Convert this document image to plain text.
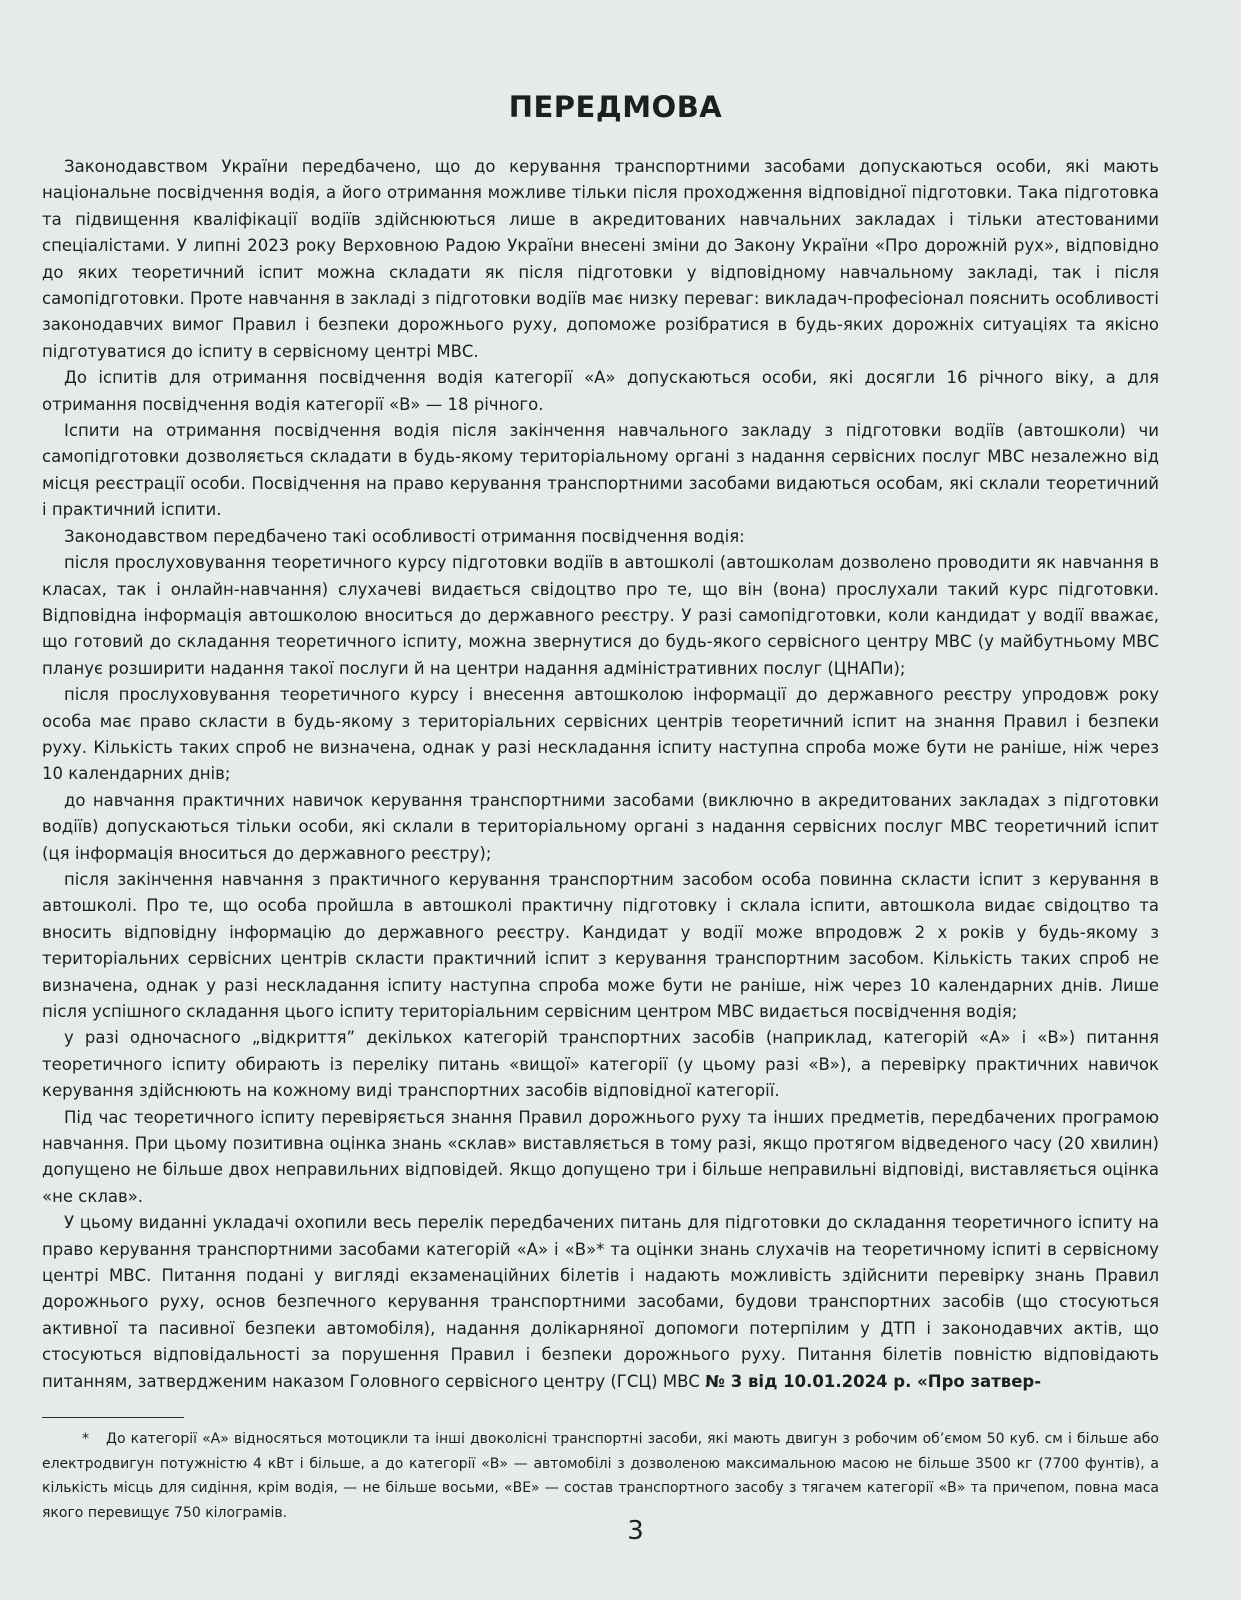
ПЕРЕДМОВА

Законодавством України передбачено, що до керування транспортними засобами допускаються особи, які мають національне посвідчення водія, а його отримання можливе тільки після проходження відповідної підготовки. Така підготовка та підвищення кваліфікації водіїв здійснюються лише в акредитованих навчальних закладах і тільки атестованими спеціалістами. У липні 2023 року Верховною Радою України внесені зміни до Закону України «Про дорожній рух», відповідно до яких теоретичний іспит можна складати як після підготовки у відповідному навчальному закладі, так і після самопідготовки. Проте навчання в закладі з підготовки водіїв має низку переваг: викладач-професіонал пояснить особливості законодавчих вимог Правил і безпеки дорожнього руху, допоможе розібратися в будь-яких дорожніх ситуаціях та якісно підготуватися до іспиту в сервісному центрі МВС.

До іспитів для отримання посвідчення водія категорії «А» допускаються особи, які досягли 16 річного віку, а для отримання посвідчення водія категорії «В» — 18 річного.

Іспити на отримання посвідчення водія після закінчення навчального закладу з підготовки водіїв (автошколи) чи самопідготовки дозволяється складати в будь-якому територіальному органі з надання сервісних послуг МВС незалежно від місця реєстрації особи. Посвідчення на право керування транспортними засобами видаються особам, які склали теоретичний і практичний іспити.

Законодавством передбачено такі особливості отримання посвідчення водія:

після прослуховування теоретичного курсу підготовки водіїв в автошколі (автошколам дозволено проводити як навчання в класах, так і онлайн-навчання) слухачеві видається свідоцтво про те, що він (вона) прослухали такий курс підготовки. Відповідна інформація автошколою вноситься до державного реєстру. У разі самопідготовки, коли кандидат у водії вважає, що готовий до складання теоретичного іспиту, можна звернутися до будь-якого сервісного центру МВС (у майбутньому МВС планує розширити надання такої послуги й на центри надання адміністративних послуг (ЦНАПи);

після прослуховування теоретичного курсу і внесення автошколою інформації до державного реєстру упродовж року особа має право скласти в будь-якому з територіальних сервісних центрів теоретичний іспит на знання Правил і безпеки руху. Кількість таких спроб не визначена, однак у разі нескладання іспиту наступна спроба може бути не раніше, ніж через 10 календарних днів;

до навчання практичних навичок керування транспортними засобами (виключно в акредитованих закладах з підготовки водіїв) допускаються тільки особи, які склали в територіальному органі з надання сервісних послуг МВС теоретичний іспит (ця інформація вноситься до державного реєстру);

після закінчення навчання з практичного керування транспортним засобом особа повинна скласти іспит з керування в автошколі. Про те, що особа пройшла в автошколі практичну підготовку і склала іспити, автошкола видає свідоцтво та вносить відповідну інформацію до державного реєстру. Кандидат у водії може впродовж 2 х років у будь-якому з територіальних сервісних центрів скласти практичний іспит з керування транспортним засобом. Кількість таких спроб не визначена, однак у разі нескладання іспиту наступна спроба може бути не раніше, ніж через 10 календарних днів. Лише після успішного складання цього іспиту територіальним сервісним центром МВС видається посвідчення водія;

у разі одночасного „відкриття” декількох категорій транспортних засобів (наприклад, категорій «А» і «В») питання теоретичного іспиту обирають із переліку питань «вищої» категорії (у цьому разі «В»), а перевірку практичних навичок керування здійснюють на кожному виді транспортних засобів відповідної категорії.

Під час теоретичного іспиту перевіряється знання Правил дорожнього руху та інших предметів, передбачених програмою навчання. При цьому позитивна оцінка знань «склав» виставляється в тому разі, якщо протягом відведеного часу (20 хвилин) допущено не більше двох неправильних відповідей. Якщо допущено три і більше неправильні відповіді, виставляється оцінка «не склав».

У цьому виданні укладачі охопили весь перелік передбачених питань для підготовки до складання теоретичного іспиту на право керування транспортними засобами категорій «А» і «В»* та оцінки знань слухачів на теоретичному іспиті в сервісному центрі МВС. Питання подані у вигляді екзаменаційних білетів і надають можливість здійснити перевірку знань Правил дорожнього руху, основ безпечного керування транспортними засобами, будови транспортних засобів (що стосуються активної та пасивної безпеки автомобіля), надання долікарняної допомоги потерпілим у ДТП і законодавчих актів, що стосуються відповідальності за порушення Правил і безпеки дорожнього руху. Питання білетів повністю відповідають питанням, затвердженим наказом Головного сервісного центру (ГСЦ) МВС № 3 від 10.01.2024 р. «Про затвер-

* До категорії «А» відносяться мотоцикли та інші двоколісні транспортні засоби, які мають двигун з робочим об’ємом 50 куб. см і більше або електродвигун потужністю 4 кВт і більше, а до категорії «В» — автомобілі з дозволеною максимальною масою не більше 3500 кг (7700 фунтів), а кількість місць для сидіння, крім водія, — не більше восьми, «ВЕ» — состав транспортного засобу з тягачем категорії «В» та причепом, повна маса якого перевищує 750 кілограмів.

3
